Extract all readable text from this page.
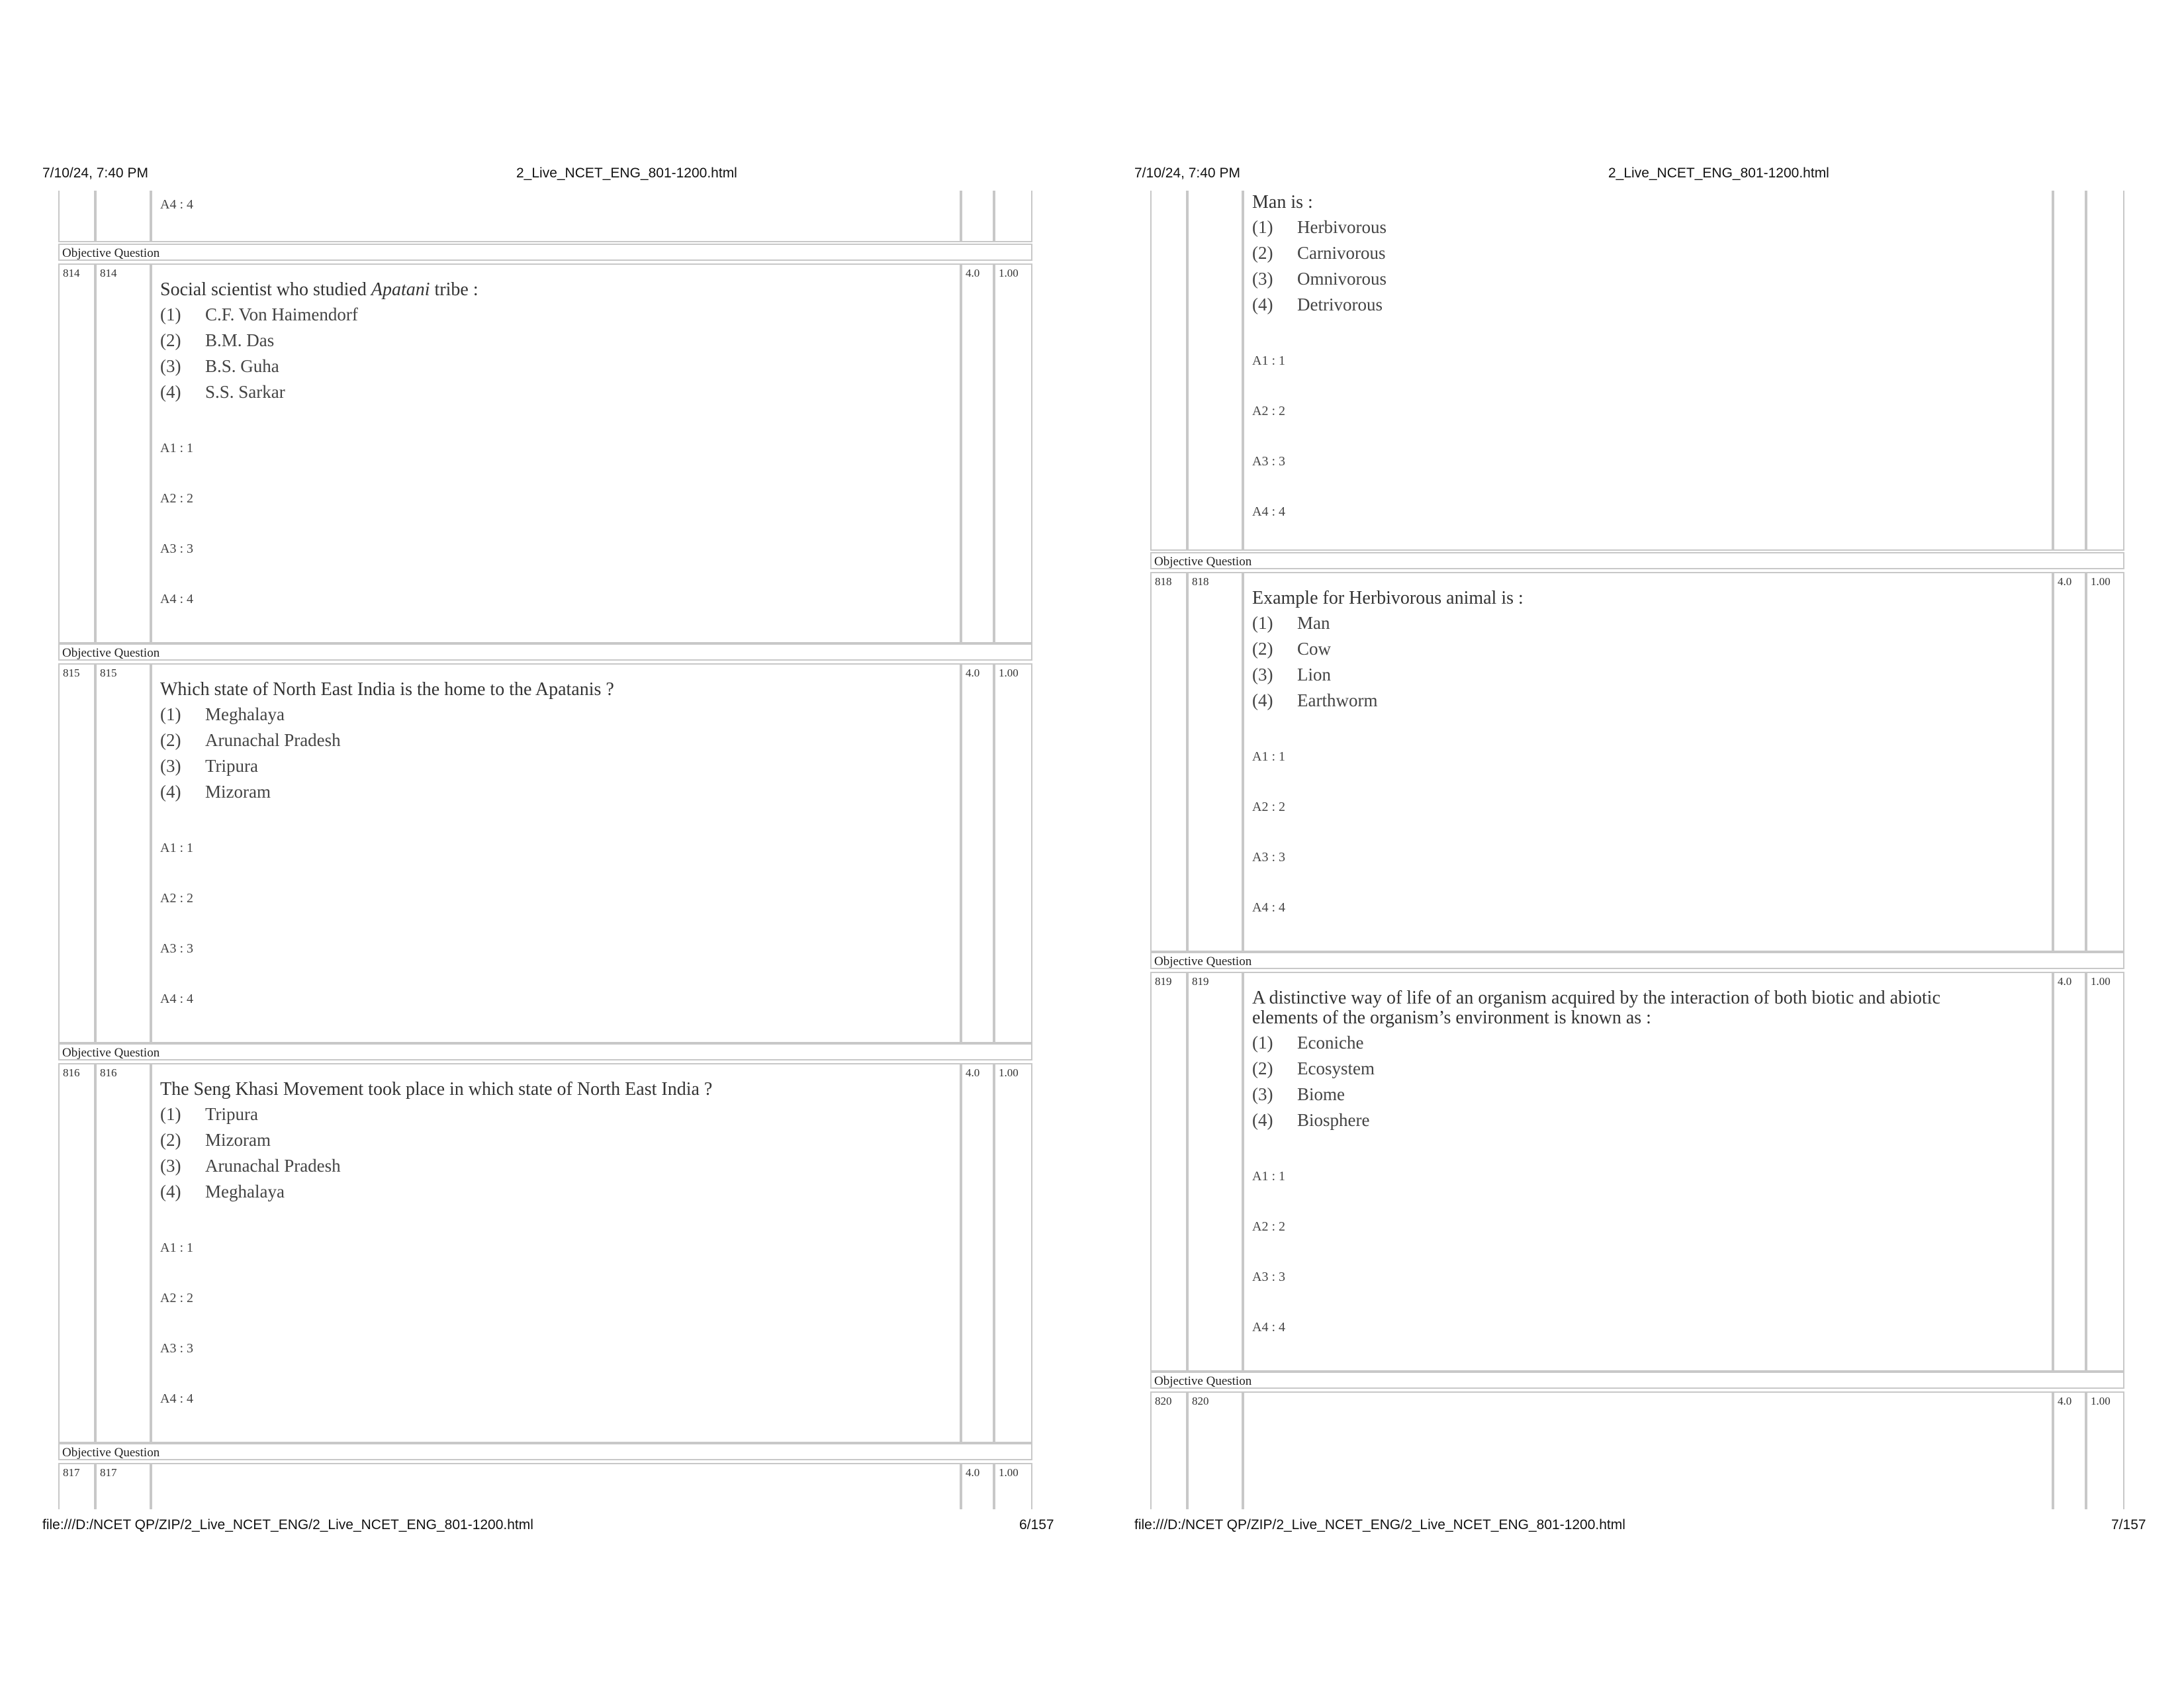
7/10/24, 7:40 PM	2_Live_NCET_ENG_801-1200.html
A4 : 4
Objective Question
814	814
Social scientist who studied Apatani tribe :
(1) C.F. Von Haimendorf
(2) B.M. Das
(3) B.S. Guha
(4) S.S. Sarkar
A1 : 1
A2 : 2
A3 : 3
A4 : 4
4.0	1.00
Objective Question
815	815
Which state of North East India is the home to the Apatanis ?
(1) Meghalaya
(2) Arunachal Pradesh
(3) Tripura
(4) Mizoram
A1 : 1
A2 : 2
A3 : 3
A4 : 4
4.0	1.00
Objective Question
816	816
The Seng Khasi Movement took place in which state of North East India ?
(1) Tripura
(2) Mizoram
(3) Arunachal Pradesh
(4) Meghalaya
A1 : 1
A2 : 2
A3 : 3
A4 : 4
4.0	1.00
Objective Question
817	817	4.0	1.00
file:///D:/NCET QP/ZIP/2_Live_NCET_ENG/2_Live_NCET_ENG_801-1200.html	6/157
7/10/24, 7:40 PM	2_Live_NCET_ENG_801-1200.html
Man is :
(1) Herbivorous
(2) Carnivorous
(3) Omnivorous
(4) Detrivorous
A1 : 1
A2 : 2
A3 : 3
A4 : 4
Objective Question
818	818
Example for Herbivorous animal is :
(1) Man
(2) Cow
(3) Lion
(4) Earthworm
A1 : 1
A2 : 2
A3 : 3
A4 : 4
4.0	1.00
Objective Question
819	819
A distinctive way of life of an organism acquired by the interaction of both biotic and abiotic
elements of the organism’s environment is known as :
(1) Econiche
(2) Ecosystem
(3) Biome
(4) Biosphere
A1 : 1
A2 : 2
A3 : 3
A4 : 4
4.0	1.00
Objective Question
820	820	4.0	1.00
file:///D:/NCET QP/ZIP/2_Live_NCET_ENG/2_Live_NCET_ENG_801-1200.html	7/157
